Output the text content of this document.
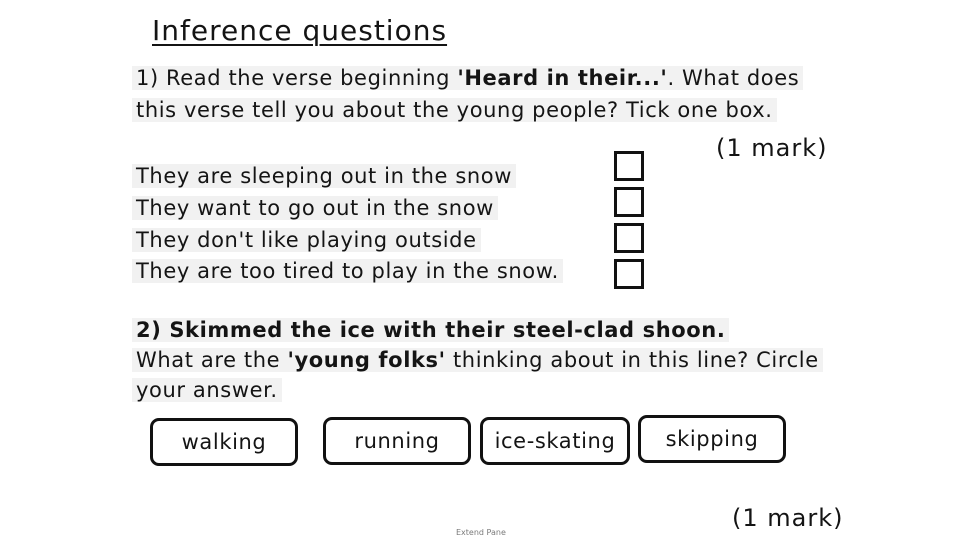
Inference questions
1) Read the verse beginning 'Heard in their...'. What does
this verse tell you about the young people? Tick one box.
(1 mark)
They are sleeping out in the snow
They want to go out in the snow
They don't like playing outside
They are too tired to play in the snow.
2) Skimmed the ice with their steel-clad shoon.
What are the 'young folks' thinking about in this line? Circle
your answer.
walking	running	ice-skating	skipping
(1 mark)
Extend Pane
